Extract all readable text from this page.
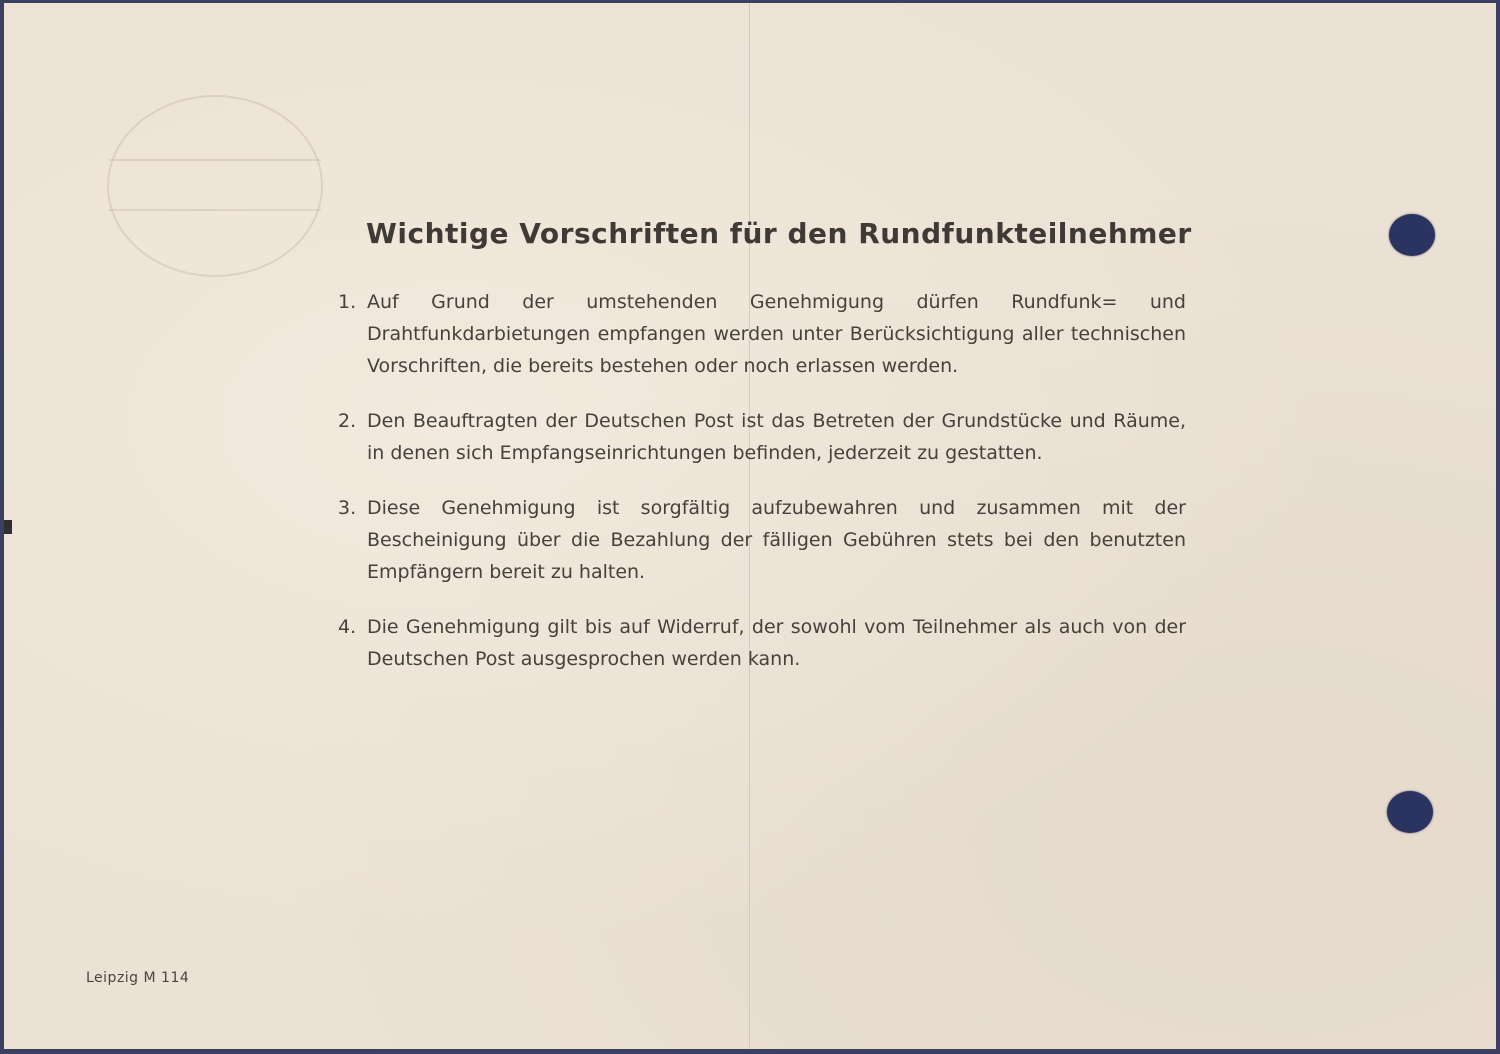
Wichtige Vorschriften für den Rundfunkteilnehmer
1. Auf Grund der umstehenden Genehmigung dürfen Rundfunk= und Drahtfunkdarbietungen empfangen werden unter Berücksichtigung aller technischen Vorschriften, die bereits bestehen oder noch erlassen werden.
2. Den Beauftragten der Deutschen Post ist das Betreten der Grundstücke und Räume, in denen sich Empfangseinrichtungen befinden, jederzeit zu gestatten.
3. Diese Genehmigung ist sorgfältig aufzubewahren und zusammen mit der Bescheinigung über die Bezahlung der fälligen Gebühren stets bei den benutzten Empfängern bereit zu halten.
4. Die Genehmigung gilt bis auf Widerruf, der sowohl vom Teilnehmer als auch von der Deutschen Post ausgesprochen werden kann.
Leipzig M 114
